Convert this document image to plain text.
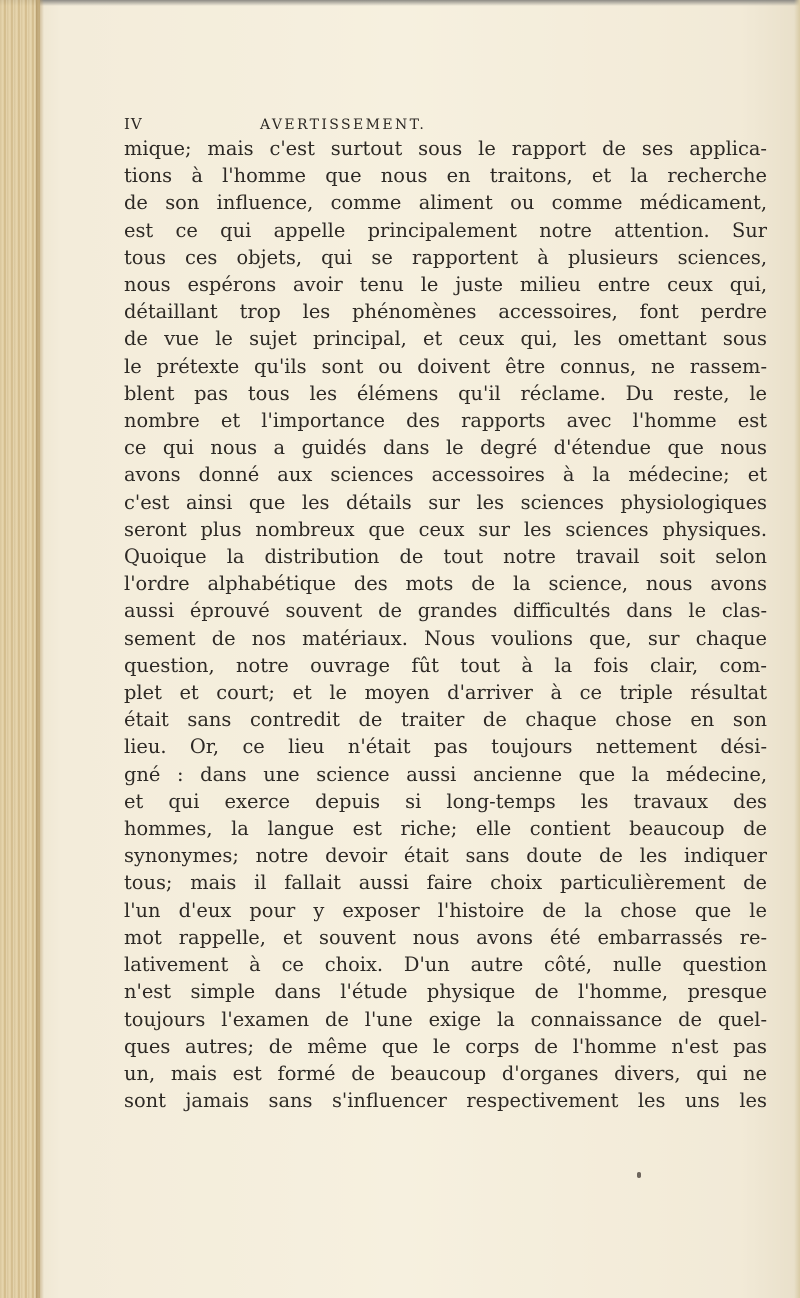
IV	AVERTISSEMENT.
mique; mais c'est surtout sous le rapport de ses applica-
tions à l'homme que nous en traitons, et la recherche
de son influence, comme aliment ou comme médicament,
est ce qui appelle principalement notre attention. Sur
tous ces objets, qui se rapportent à plusieurs sciences,
nous espérons avoir tenu le juste milieu entre ceux qui,
détaillant trop les phénomènes accessoires, font perdre
de vue le sujet principal, et ceux qui, les omettant sous
le prétexte qu'ils sont ou doivent être connus, ne rassem-
blent pas tous les élémens qu'il réclame. Du reste, le
nombre et l'importance des rapports avec l'homme est
ce qui nous a guidés dans le degré d'étendue que nous
avons donné aux sciences accessoires à la médecine; et
c'est ainsi que les détails sur les sciences physiologiques
seront plus nombreux que ceux sur les sciences physiques.
Quoique la distribution de tout notre travail soit selon
l'ordre alphabétique des mots de la science, nous avons
aussi éprouvé souvent de grandes difficultés dans le clas-
sement de nos matériaux. Nous voulions que, sur chaque
question, notre ouvrage fût tout à la fois clair, com-
plet et court; et le moyen d'arriver à ce triple résultat
était sans contredit de traiter de chaque chose en son
lieu. Or, ce lieu n'était pas toujours nettement dési-
gné : dans une science aussi ancienne que la médecine,
et qui exerce depuis si long-temps les travaux des
hommes, la langue est riche; elle contient beaucoup de
synonymes; notre devoir était sans doute de les indiquer
tous; mais il fallait aussi faire choix particulièrement de
l'un d'eux pour y exposer l'histoire de la chose que le
mot rappelle, et souvent nous avons été embarrassés re-
lativement à ce choix. D'un autre côté, nulle question
n'est simple dans l'étude physique de l'homme, presque
toujours l'examen de l'une exige la connaissance de quel-
ques autres; de même que le corps de l'homme n'est pas
un, mais est formé de beaucoup d'organes divers, qui ne
sont jamais sans s'influencer respectivement les uns les
